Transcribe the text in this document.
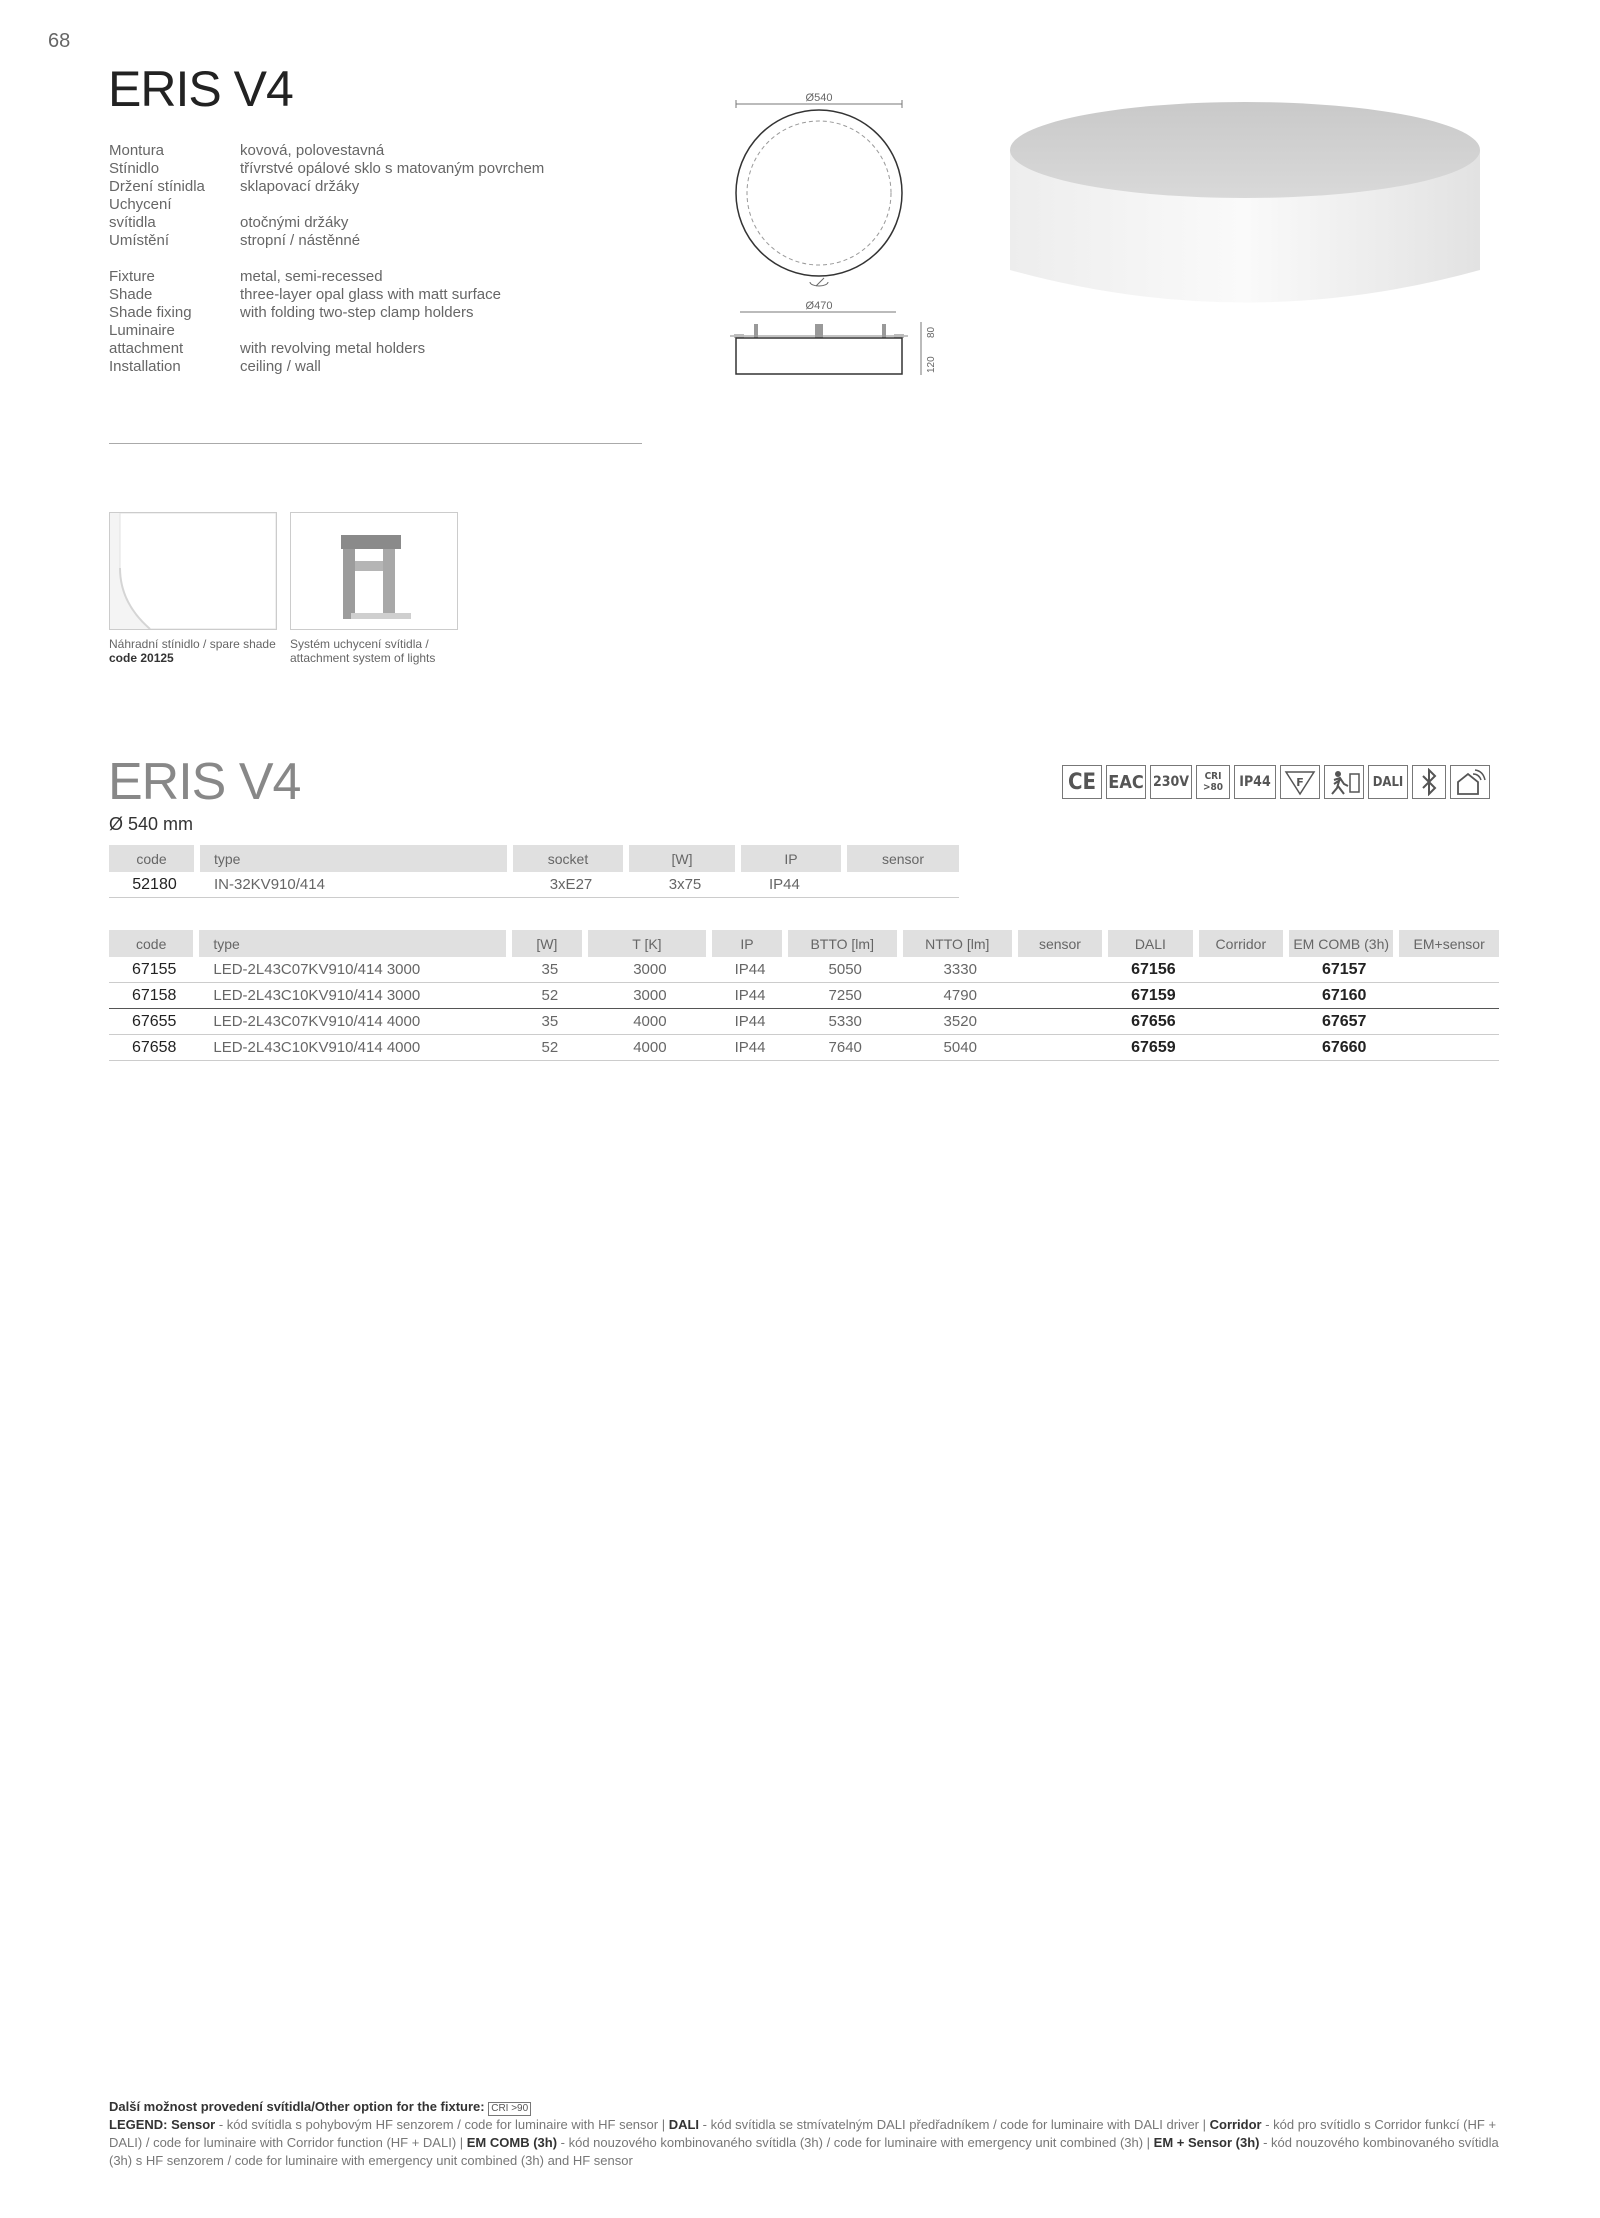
68
ERIS V4
Montura	kovová, polovestavná
Stínidlo	třívrstvé opálové sklo s matovaným povrchem
Držení stínidla	sklapovací držáky
Uchycení
svítidla	otočnými držáky
Umístění	stropní / nástěnné
Fixture	metal, semi-recessed
Shade	three-layer opal glass with matt surface
Shade fixing	with folding two-step clamp holders
Luminaire
attachment	with revolving metal holders
Installation	ceiling / wall
Ø540
Ø470
80
120
Náhradní stínidlo / spare shade
code 20125
Systém uchycení svítidla /
attachment system of lights
ERIS V4
Ø 540 mm
CE EAC 230V	CRI >80	IP44	F	DALI
code	type	socket	[W]	IP	sensor
52180	IN-32KV910/414	3xE27	3x75	IP44	
code	type	[W]	T [K]	IP	BTTO [lm]	NTTO [lm]	sensor	DALI	Corridor	EM COMB (3h)	EM+sensor
67155	LED-2L43C07KV910/414 3000	35	3000	IP44	5050	3330		67156		67157	
67158	LED-2L43C10KV910/414 3000	52	3000	IP44	7250	4790		67159		67160	
67655	LED-2L43C07KV910/414 4000	35	4000	IP44	5330	3520		67656		67657	
67658	LED-2L43C10KV910/414 4000	52	4000	IP44	7640	5040		67659		67660	
Další možnost provedení svítidla/Other option for the fixture: CRI >90
LEGEND: Sensor - kód svítidla s pohybovým HF senzorem / code for luminaire with HF sensor | DALI - kód svítidla se stmívatelným DALI předřadníkem / code for luminaire with DALI driver | Corridor - kód pro svítidlo s Corridor funkcí (HF + DALI) / code for luminaire with Corridor function (HF + DALI) | EM COMB (3h) - kód nouzového kombinovaného svítidla (3h) / code for luminaire with emergency unit combined (3h) | EM + Sensor (3h) - kód nouzového kombinovaného svítidla (3h) s HF senzorem / code for luminaire with emergency unit combined (3h) and HF sensor
